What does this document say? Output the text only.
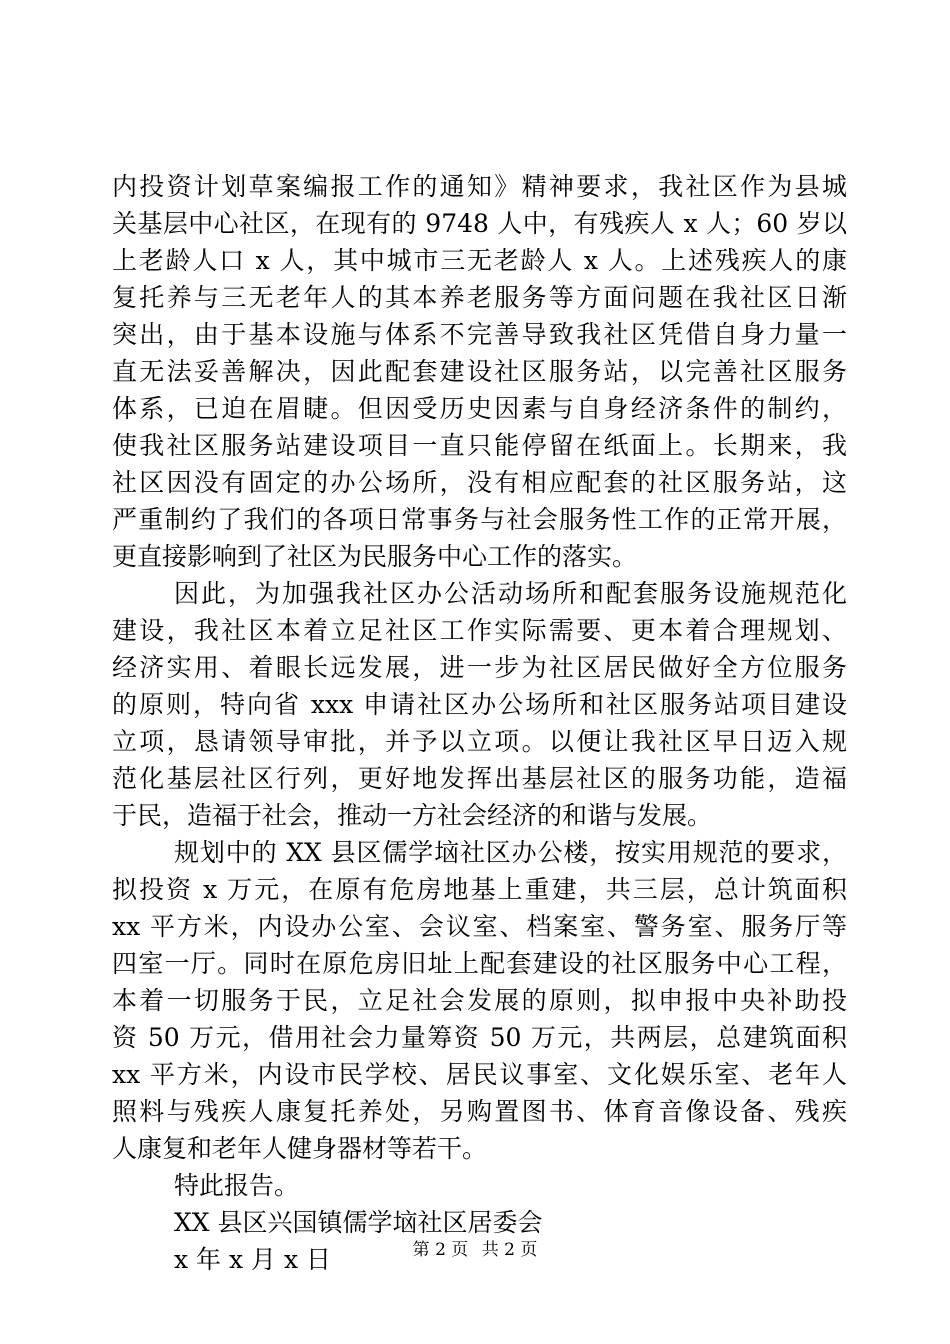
内投资计划草案编报工作的通知》精神要求，我社区作为县城
关基层中心社区，在现有的 9748 人中，有残疾人 x 人；60 岁以
上老龄人口 x 人，其中城市三无老龄人 x 人。上述残疾人的康
复托养与三无老年人的其本养老服务等方面问题在我社区日渐
突出，由于基本设施与体系不完善导致我社区凭借自身力量一
直无法妥善解决，因此配套建设社区服务站，以完善社区服务
体系，已迫在眉睫。但因受历史因素与自身经济条件的制约，
使我社区服务站建设项目一直只能停留在纸面上。长期来，我
社区因没有固定的办公场所，没有相应配套的社区服务站，这
严重制约了我们的各项日常事务与社会服务性工作的正常开展，
更直接影响到了社区为民服务中心工作的落实。
因此，为加强我社区办公活动场所和配套服务设施规范化
建设，我社区本着立足社区工作实际需要、更本着合理规划、
经济实用、着眼长远发展，进一步为社区居民做好全方位服务
的原则，特向省 xxx 申请社区办公场所和社区服务站项目建设
立项，恳请领导审批，并予以立项。以便让我社区早日迈入规
范化基层社区行列，更好地发挥出基层社区的服务功能，造福
于民，造福于社会，推动一方社会经济的和谐与发展。
规划中的 XX 县区儒学垴社区办公楼，按实用规范的要求，
拟投资 x 万元，在原有危房地基上重建，共三层，总计筑面积
xx 平方米，内设办公室、会议室、档案室、警务室、服务厅等
四室一厅。同时在原危房旧址上配套建设的社区服务中心工程，
本着一切服务于民，立足社会发展的原则，拟申报中央补助投
资 50 万元，借用社会力量筹资 50 万元，共两层，总建筑面积
xx 平方米，内设市民学校、居民议事室、文化娱乐室、老年人
照料与残疾人康复托养处，另购置图书、体育音像设备、残疾
人康复和老年人健身器材等若干。
特此报告。
XX 县区兴国镇儒学垴社区居委会
x 年 x 月 x 日	第 2 页 共 2 页
